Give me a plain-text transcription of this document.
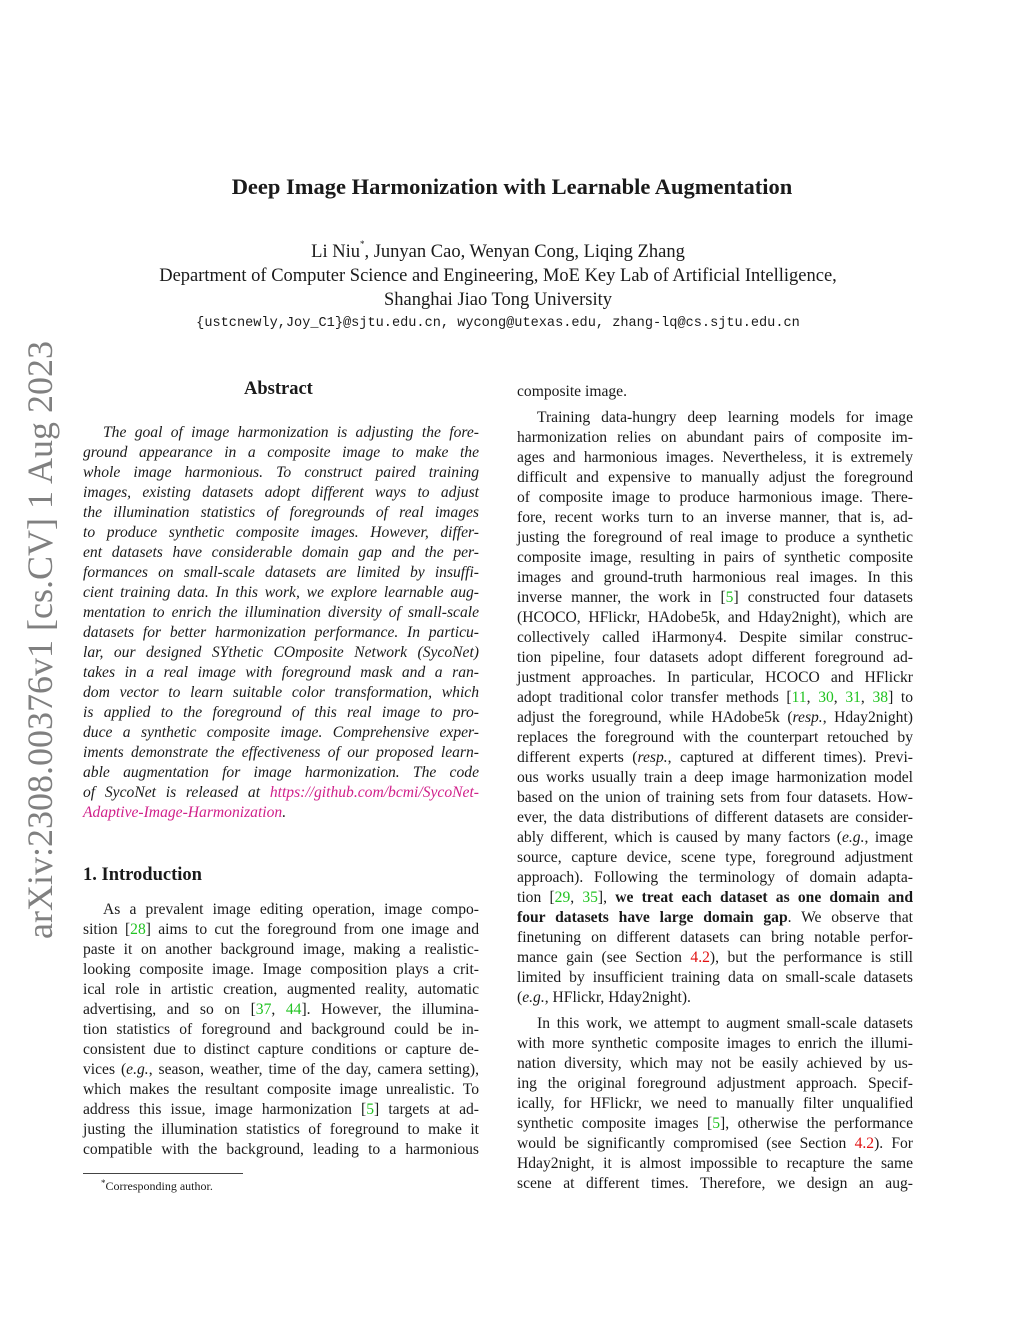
arXiv:2308.00376v1 [cs.CV] 1 Aug 2023
Deep Image Harmonization with Learnable Augmentation
Li Niu*, Junyan Cao, Wenyan Cong, Liqing Zhang
Department of Computer Science and Engineering, MoE Key Lab of Artificial Intelligence,
Shanghai Jiao Tong University
{ustcnewly,Joy_C1}@sjtu.edu.cn, wycong@utexas.edu, zhang-lq@cs.sjtu.edu.cn
Abstract
The goal of image harmonization is adjusting the fore-
ground appearance in a composite image to make the
whole image harmonious. To construct paired training
images, existing datasets adopt different ways to adjust
the illumination statistics of foregrounds of real images
to produce synthetic composite images. However, differ-
ent datasets have considerable domain gap and the per-
formances on small-scale datasets are limited by insuffi-
cient training data. In this work, we explore learnable aug-
mentation to enrich the illumination diversity of small-scale
datasets for better harmonization performance. In particu-
lar, our designed SYthetic COmposite Network (SycoNet)
takes in a real image with foreground mask and a ran-
dom vector to learn suitable color transformation, which
is applied to the foreground of this real image to pro-
duce a synthetic composite image. Comprehensive exper-
iments demonstrate the effectiveness of our proposed learn-
able augmentation for image harmonization. The code
of SycoNet is released at https://github.com/bcmi/SycoNet-
Adaptive-Image-Harmonization.
1. Introduction
As a prevalent image editing operation, image compo-
sition [28] aims to cut the foreground from one image and
paste it on another background image, making a realistic-
looking composite image. Image composition plays a crit-
ical role in artistic creation, augmented reality, automatic
advertising, and so on [37, 44]. However, the illumina-
tion statistics of foreground and background could be in-
consistent due to distinct capture conditions or capture de-
vices (e.g., season, weather, time of the day, camera setting),
which makes the resultant composite image unrealistic. To
address this issue, image harmonization [5] targets at ad-
justing the illumination statistics of foreground to make it
compatible with the background, leading to a harmonious
composite image.
Training data-hungry deep learning models for image
harmonization relies on abundant pairs of composite im-
ages and harmonious images. Nevertheless, it is extremely
difficult and expensive to manually adjust the foreground
of composite image to produce harmonious image. There-
fore, recent works turn to an inverse manner, that is, ad-
justing the foreground of real image to produce a synthetic
composite image, resulting in pairs of synthetic composite
images and ground-truth harmonious real images. In this
inverse manner, the work in [5] constructed four datasets
(HCOCO, HFlickr, HAdobe5k, and Hday2night), which are
collectively called iHarmony4. Despite similar construc-
tion pipeline, four datasets adopt different foreground ad-
justment approaches. In particular, HCOCO and HFlickr
adopt traditional color transfer methods [11, 30, 31, 38] to
adjust the foreground, while HAdobe5k (resp., Hday2night)
replaces the foreground with the counterpart retouched by
different experts (resp., captured at different times). Previ-
ous works usually train a deep image harmonization model
based on the union of training sets from four datasets. How-
ever, the data distributions of different datasets are consider-
ably different, which is caused by many factors (e.g., image
source, capture device, scene type, foreground adjustment
approach). Following the terminology of domain adapta-
tion [29, 35], we treat each dataset as one domain and
four datasets have large domain gap. We observe that
finetuning on different datasets can bring notable perfor-
mance gain (see Section 4.2), but the performance is still
limited by insufficient training data on small-scale datasets
(e.g., HFlickr, Hday2night).
In this work, we attempt to augment small-scale datasets
with more synthetic composite images to enrich the illumi-
nation diversity, which may not be easily achieved by us-
ing the original foreground adjustment approach. Specif-
ically, for HFlickr, we need to manually filter unqualified
synthetic composite images [5], otherwise the performance
would be significantly compromised (see Section 4.2). For
Hday2night, it is almost impossible to recapture the same
scene at different times. Therefore, we design an aug-
*Corresponding author.
